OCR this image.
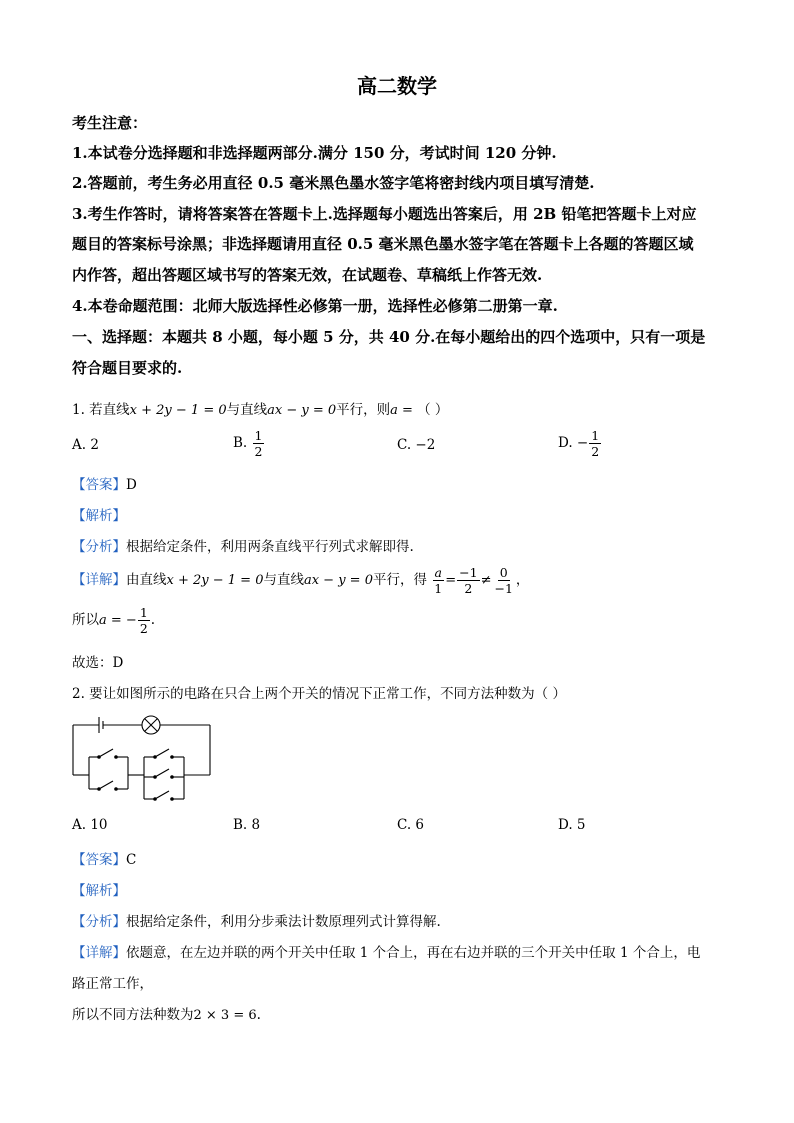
高二数学
考生注意：
1.本试卷分选择题和非选择题两部分.满分 150 分，考试时间 120 分钟.
2.答题前，考生务必用直径 0.5 毫米黑色墨水签字笔将密封线内项目填写清楚.
3.考生作答时，请将答案答在答题卡上.选择题每小题选出答案后，用 2B 铅笔把答题卡上对应
题目的答案标号涂黑；非选择题请用直径 0.5 毫米黑色墨水签字笔在答题卡上各题的答题区域
内作答，超出答题区域书写的答案无效，在试题卷、草稿纸上作答无效.
4.本卷命题范围：北师大版选择性必修第一册，选择性必修第二册第一章.
一、选择题：本题共 8 小题，每小题 5 分，共 40 分.在每小题给出的四个选项中，只有一项是
符合题目要求的.
1. 若直线x + 2y − 1 = 0与直线ax − y = 0平行，则a = （ ）
A. 2	B. $\frac{1}{2}$	C. −2	D. − $\frac{1}{2}$
【答案】D
【解析】
【分析】根据给定条件，利用两条直线平行列式求解即得.
【详解】由直线x + 2y − 1 = 0与直线ax − y = 0平行，得 $\frac{a}{1} = \frac{-1}{2} \ne \frac{0}{-1}$ ，
所以a = − $\frac{1}{2}$ .
故选：D
2. 要让如图所示的电路在只合上两个开关的情况下正常工作，不同方法种数为（ ）
A. 10	B. 8	C. 6	D. 5
【答案】C
【解析】
【分析】根据给定条件，利用分步乘法计数原理列式计算得解.
【详解】依题意，在左边并联的两个开关中任取 1 个合上，再在右边并联的三个开关中任取 1 个合上，电
路正常工作，
所以不同方法种数为2 × 3 = 6.
